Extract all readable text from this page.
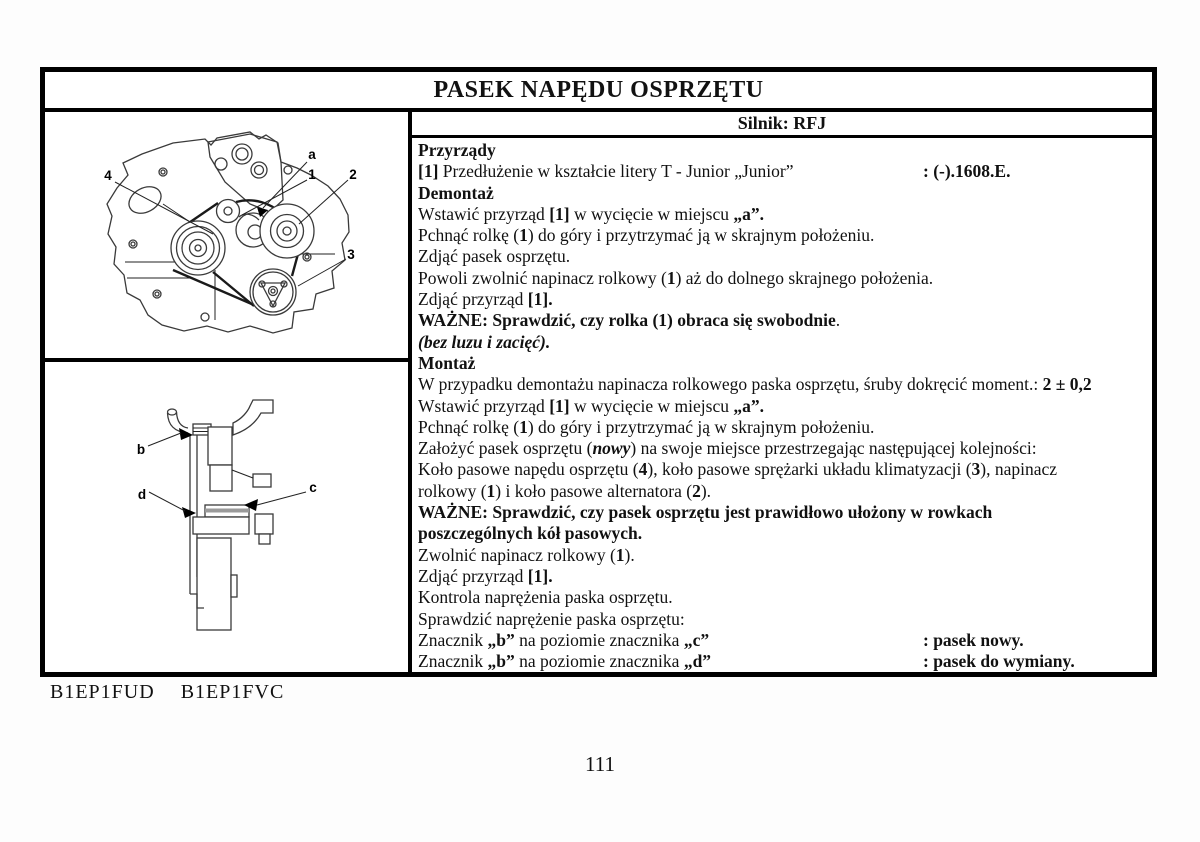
PASEK NAPĘDU OSPRZĘTU
4
a
1 2
3
b
d	c
Silnik: RFJ
Przyrządy
[1] Przedłużenie w kształcie litery T - Junior „Junior”	: (-).1608.E.
Demontaż
Wstawić przyrząd [1] w wycięcie w miejscu „a”.
Pchnąć rolkę (1) do góry i przytrzymać ją w skrajnym położeniu.
Zdjąć pasek osprzętu.
Powoli zwolnić napinacz rolkowy (1) aż do dolnego skrajnego położenia.
Zdjąć przyrząd [1].
WAŻNE: Sprawdzić, czy rolka (1) obraca się swobodnie.
(bez luzu i zacięć).
Montaż
W przypadku demontażu napinacza rolkowego paska osprzętu, śruby dokręcić moment.: 2 ± 0,2
Wstawić przyrząd [1] w wycięcie w miejscu „a”.
Pchnąć rolkę (1) do góry i przytrzymać ją w skrajnym położeniu.
Założyć pasek osprzętu (nowy) na swoje miejsce przestrzegając następującej kolejności:
Koło pasowe napędu osprzętu (4), koło pasowe sprężarki układu klimatyzacji (3), napinacz
rolkowy (1) i koło pasowe alternatora (2).
WAŻNE: Sprawdzić, czy pasek osprzętu jest prawidłowo ułożony w rowkach
poszczególnych kół pasowych.
Zwolnić napinacz rolkowy (1).
Zdjąć przyrząd [1].
Kontrola naprężenia paska osprzętu.
Sprawdzić naprężenie paska osprzętu:
Znacznik „b” na poziomie znacznika „c”	: pasek nowy.
Znacznik „b” na poziomie znacznika „d”	: pasek do wymiany.
B1EP1FUD B1EP1FVC
111
